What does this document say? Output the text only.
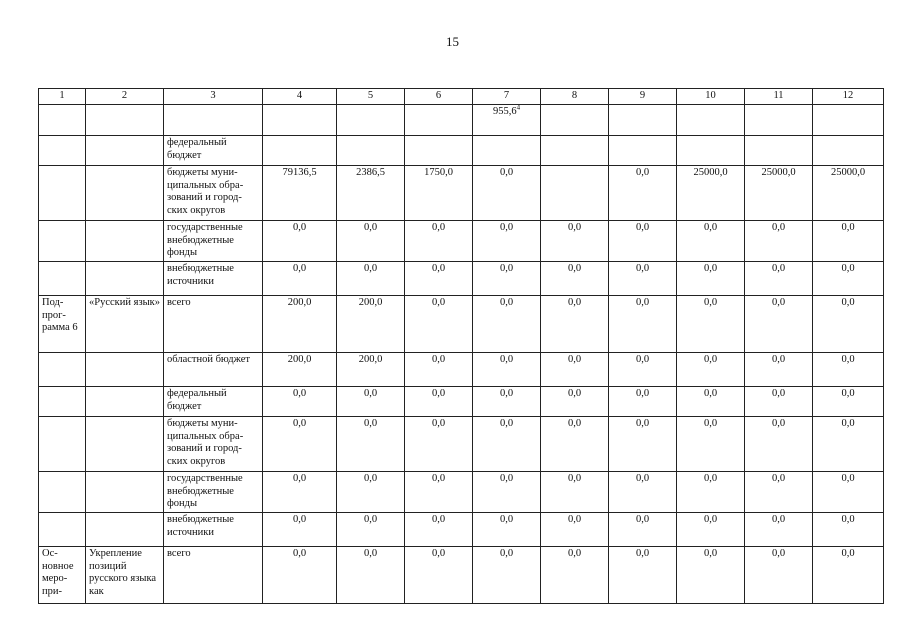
15
1	2	3	4	5	6	7	8	9	10	11	12
						955,6$^4$					
		федеральный бюджет									
		бюджеты муни-ципальных обра-зований и город-ских округов	79136,5	2386,5	1750,0	0,0		0,0	25000,0	25000,0	25000,0
		государственные внебюджетные фонды	0,0	0,0	0,0	0,0	0,0	0,0	0,0	0,0	0,0
		внебюджетные источники	0,0	0,0	0,0	0,0	0,0	0,0	0,0	0,0	0,0
Под-прог-рамма 6	«Русский язык»	всего	200,0	200,0	0,0	0,0	0,0	0,0	0,0	0,0	0,0
		областной бюджет	200,0	200,0	0,0	0,0	0,0	0,0	0,0	0,0	0,0
		федеральный бюджет	0,0	0,0	0,0	0,0	0,0	0,0	0,0	0,0	0,0
		бюджеты муни-ципальных обра-зований и город-ских округов	0,0	0,0	0,0	0,0	0,0	0,0	0,0	0,0	0,0
		государственные внебюджетные фонды	0,0	0,0	0,0	0,0	0,0	0,0	0,0	0,0	0,0
		внебюджетные источники	0,0	0,0	0,0	0,0	0,0	0,0	0,0	0,0	0,0
Ос-новное меро-при-	Укрепление позиций русского языка как	всего	0,0	0,0	0,0	0,0	0,0	0,0	0,0	0,0	0,0
